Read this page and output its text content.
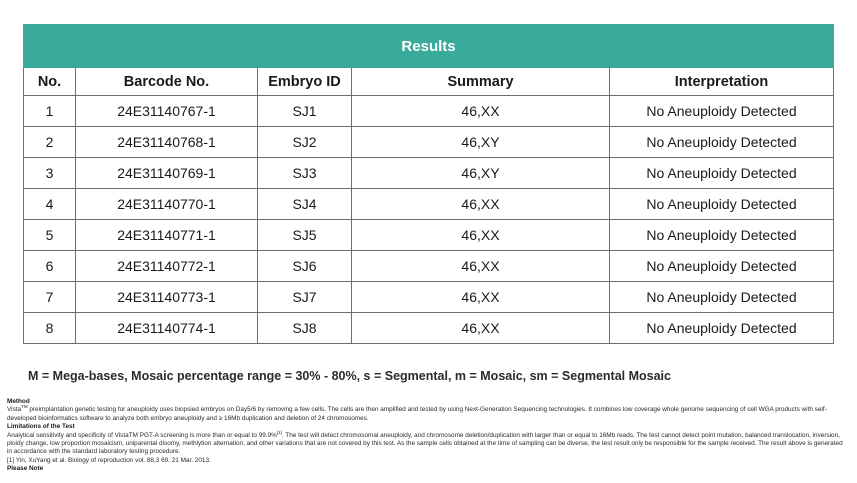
Results				
No.	Barcode No.	Embryo ID	Summary	Interpretation
1	24E31140767-1	SJ1	46,XX	No Aneuploidy Detected
2	24E31140768-1	SJ2	46,XY	No Aneuploidy Detected
3	24E31140769-1	SJ3	46,XY	No Aneuploidy Detected
4	24E31140770-1	SJ4	46,XX	No Aneuploidy Detected
5	24E31140771-1	SJ5	46,XX	No Aneuploidy Detected
6	24E31140772-1	SJ6	46,XX	No Aneuploidy Detected
7	24E31140773-1	SJ7	46,XX	No Aneuploidy Detected
8	24E31140774-1	SJ8	46,XX	No Aneuploidy Detected
M = Mega-bases, Mosaic percentage range = 30% - 80%, s = Segmental, m = Mosaic, sm = Segmental Mosaic

Method

Vista™ preimplantation genetic testing for aneuploidy uses biopsied embryos on Day5/6 by removing a few cells. The cells are then amplified and tested by using Next-Generation Sequencing technologies. It combines low coverage whole genome sequencing of cell WGA products with self-developed bioinformatics software to analyze both embryo aneuploidy and ≥ 16Mb duplication and deletion of 24 chromosomes.

Limitations of the Test

Analytical sensitivity and specificity of VistaTM PGT-A screening is more than or equal to 99.9%[1]. The test will detect chromosomal aneuploidy, and chromosome deletion/duplication with larger than or equal to 16Mb reads. The test cannot detect point mutation, balanced translocation, inversion, ploidy change, low proportion mosaicism, uniparental disomy, methlytion alternation, and other variations that are not covered by this test. As the sample cells obtained at the time of sampling can be diverse, the test result only be responsible for the sample received. The result above is generated in accordance with the standard laboratory testing procedure.

[1] Yin, XuYang et al. Biology of reproduction vol. 88,3 69. 21 Mar. 2013.

Please Note
